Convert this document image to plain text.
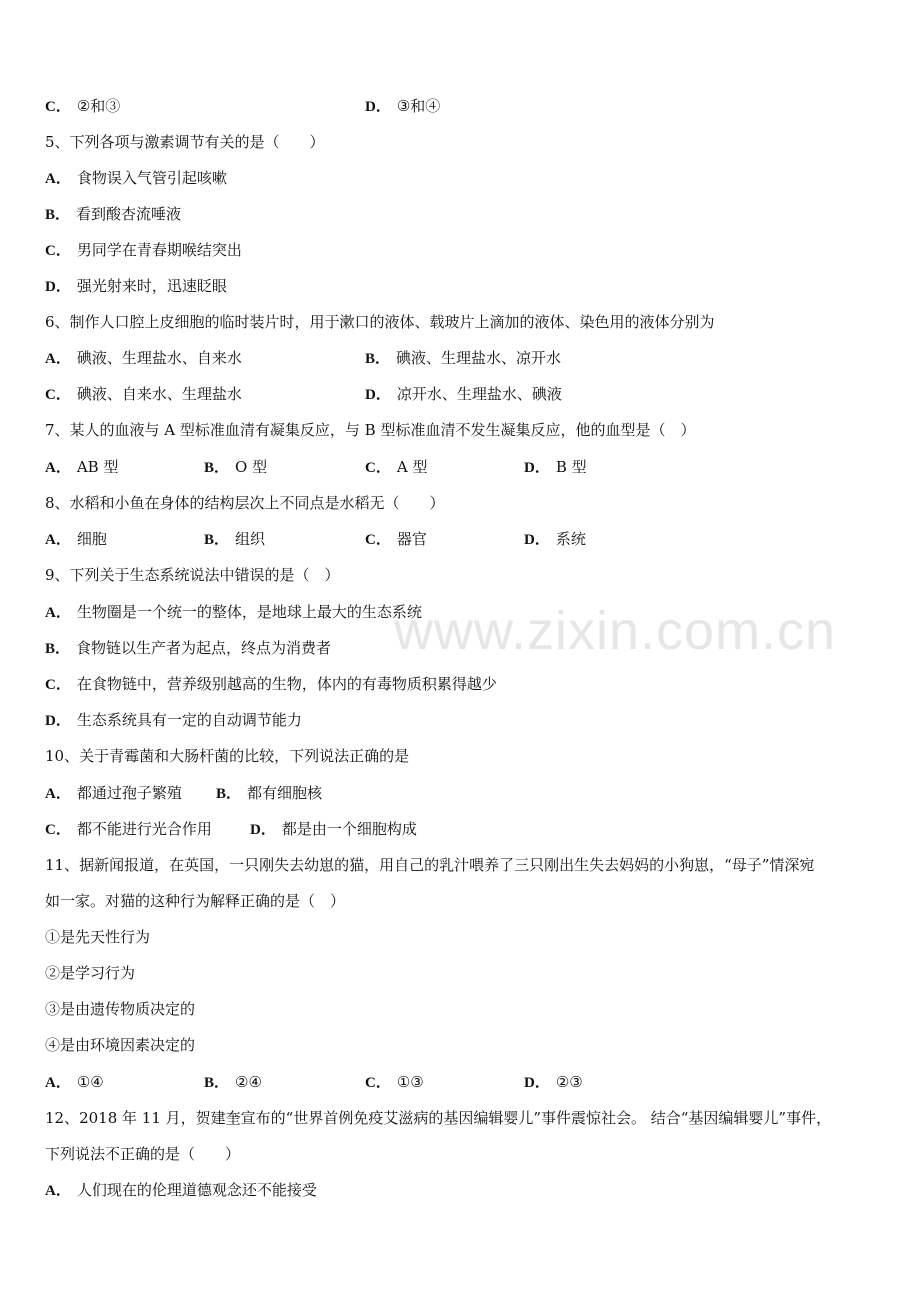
www.zixin.com.cn
C． ②和③	D． ③和④
5、下列各项与激素调节有关的是（　　）
A． 食物误入气管引起咳嗽
B． 看到酸杏流唾液
C． 男同学在青春期喉结突出
D． 强光射来时，迅速眨眼
6、制作人口腔上皮细胞的临时装片时，用于漱口的液体、载玻片上滴加的液体、染色用的液体分别为
A． 碘液、生理盐水、自来水	B． 碘液、生理盐水、凉开水
C． 碘液、自来水、生理盐水	D． 凉开水、生理盐水、碘液
7、某人的血液与 A 型标准血清有凝集反应，与 B 型标准血清不发生凝集反应，他的血型是（　）
A． AB 型	B． O 型	C． A 型	D． B 型
8、水稻和小鱼在身体的结构层次上不同点是水稻无（　　）
A． 细胞	B． 组织	C． 器官	D． 系统
9、下列关于生态系统说法中错误的是（　）
A． 生物圈是一个统一的整体，是地球上最大的生态系统
B． 食物链以生产者为起点，终点为消费者
C． 在食物链中，营养级别越高的生物，体内的有毒物质积累得越少
D． 生态系统具有一定的自动调节能力
10、关于青霉菌和大肠杆菌的比较，下列说法正确的是
A． 都通过孢子繁殖 B． 都有细胞核
C． 都不能进行光合作用	D． 都是由一个细胞构成
11、据新闻报道，在英国，一只刚失去幼崽的猫，用自己的乳汁喂养了三只刚出生失去妈妈的小狗崽，“母子”情深宛
如一家。对猫的这种行为解释正确的是（　）
①是先天性行为
②是学习行为
③是由遗传物质决定的
④是由环境因素决定的
A． ①④	B． ②④	C． ①③	D． ②③
12、2018 年 11 月，贺建奎宣布的“世界首例免疫艾滋病的基因编辑婴儿”事件震惊社会。 结合“基因编辑婴儿”事件，
下列说法不正确的是（　　）
A． 人们现在的伦理道德观念还不能接受
